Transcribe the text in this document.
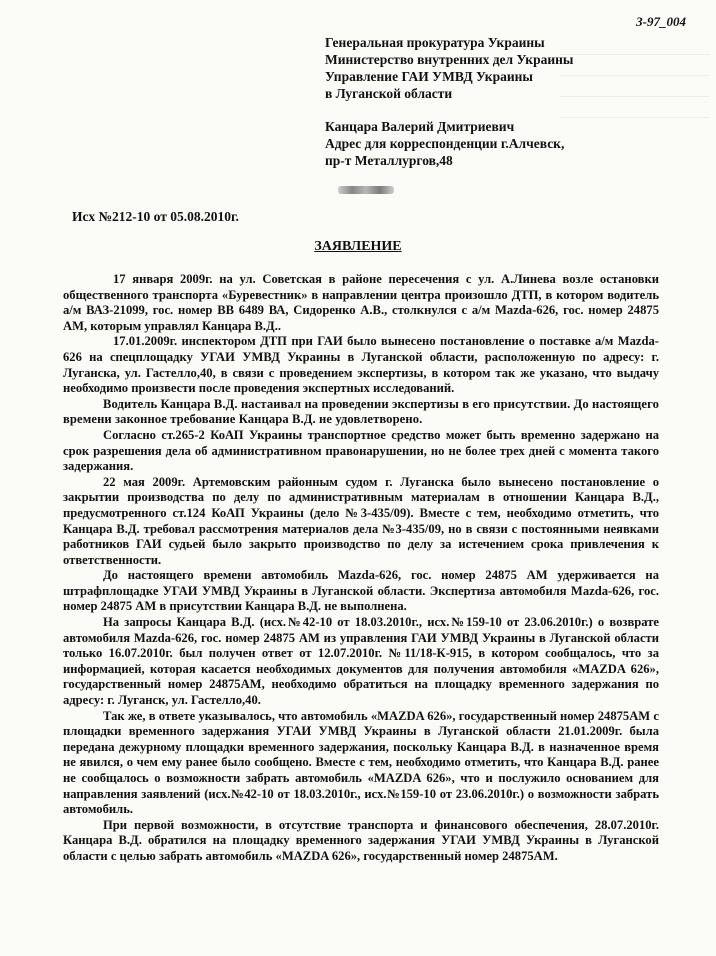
3-97_004
Генеральная прокуратура Украины
Министерство внутренних дел Украины
Управление ГАИ УМВД Украины
в Луганской области
Канцара Валерий Дмитриевич
Адрес для корреспонденции г.Алчевск,
пр-т Металлургов,48
Исх №212-10 от 05.08.2010г.
ЗАЯВЛЕНИЕ

17 января 2009г. на ул. Советская в районе пересечения с ул. А.Линева возле остановки общественного транспорта «Буревестник» в направлении центра произошло ДТП, в котором водитель а/м ВАЗ-21099, гос. номер ВВ 6489 ВА, Сидоренко А.В., столкнулся с а/м Mazda-626, гос. номер 24875 АМ, которым управлял Канцара В.Д..

17.01.2009г. инспектором ДТП при ГАИ было вынесено постановление о поставке а/м Mazda-626 на спецплощадку УГАИ УМВД Украины в Луганской области, расположенную по адресу: г. Луганска, ул. Гастелло,40, в связи с проведением экспертизы, в котором так же указано, что выдачу необходимо произвести после проведения экспертных исследований.

Водитель Канцара В.Д. настаивал на проведении экспертизы в его присутствии. До настоящего времени законное требование Канцара В.Д. не удовлетворено.

Согласно ст.265-2 КоАП Украины транспортное средство может быть временно задержано на срок разрешения дела об административном правонарушении, но не более трех дней с момента такого задержания.

22 мая 2009г. Артемовским районным судом г. Луганска было вынесено постановление о закрытии производства по делу по административным материалам в отношении Канцара В.Д., предусмотренного ст.124 КоАП Украины (дело №3-435/09). Вместе с тем, необходимо отметить, что Канцара В.Д. требовал рассмотрения материалов дела №3-435/09, но в связи с постоянными неявками работников ГАИ судьей было закрыто производство по делу за истечением срока привлечения к ответственности.

До настоящего времени автомобиль Mazda-626, гос. номер 24875 АМ удерживается на штрафплощадке УГАИ УМВД Украины в Луганской области. Экспертиза автомобиля Mazda-626, гос. номер 24875 АМ в присутствии Канцара В.Д. не выполнена.

На запросы Канцара В.Д. (исх.№42-10 от 18.03.2010г., исх.№159-10 от 23.06.2010г.) о возврате автомобиля Mazda-626, гос. номер 24875 АМ из управления ГАИ УМВД Украины в Луганской области только 16.07.2010г. был получен ответ от 12.07.2010г. №11/18-К-915, в котором сообщалось, что за информацией, которая касается необходимых документов для получения автомобиля «MAZDA 626», государственный номер 24875АМ, необходимо обратиться на площадку временного задержания по адресу: г. Луганск, ул. Гастелло,40.

Так же, в ответе указывалось, что автомобиль «MAZDA 626», государственный номер 24875АМ с площадки временного задержания УГАИ УМВД Украины в Луганской области 21.01.2009г. была передана дежурному площадки временного задержания, поскольку Канцара В.Д. в назначенное время не явился, о чем ему ранее было сообщено. Вместе с тем, необходимо отметить, что Канцара В.Д. ранее не сообщалось о возможности забрать автомобиль «MAZDA 626», что и послужило основанием для направления заявлений (исх.№42-10 от 18.03.2010г., исх.№159-10 от 23.06.2010г.) о возможности забрать автомобиль.

При первой возможности, в отсутствие транспорта и финансового обеспечения, 28.07.2010г. Канцара В.Д. обратился на площадку временного задержания УГАИ УМВД Украины в Луганской области с целью забрать автомобиль «MAZDA 626», государственный номер 24875АМ.
